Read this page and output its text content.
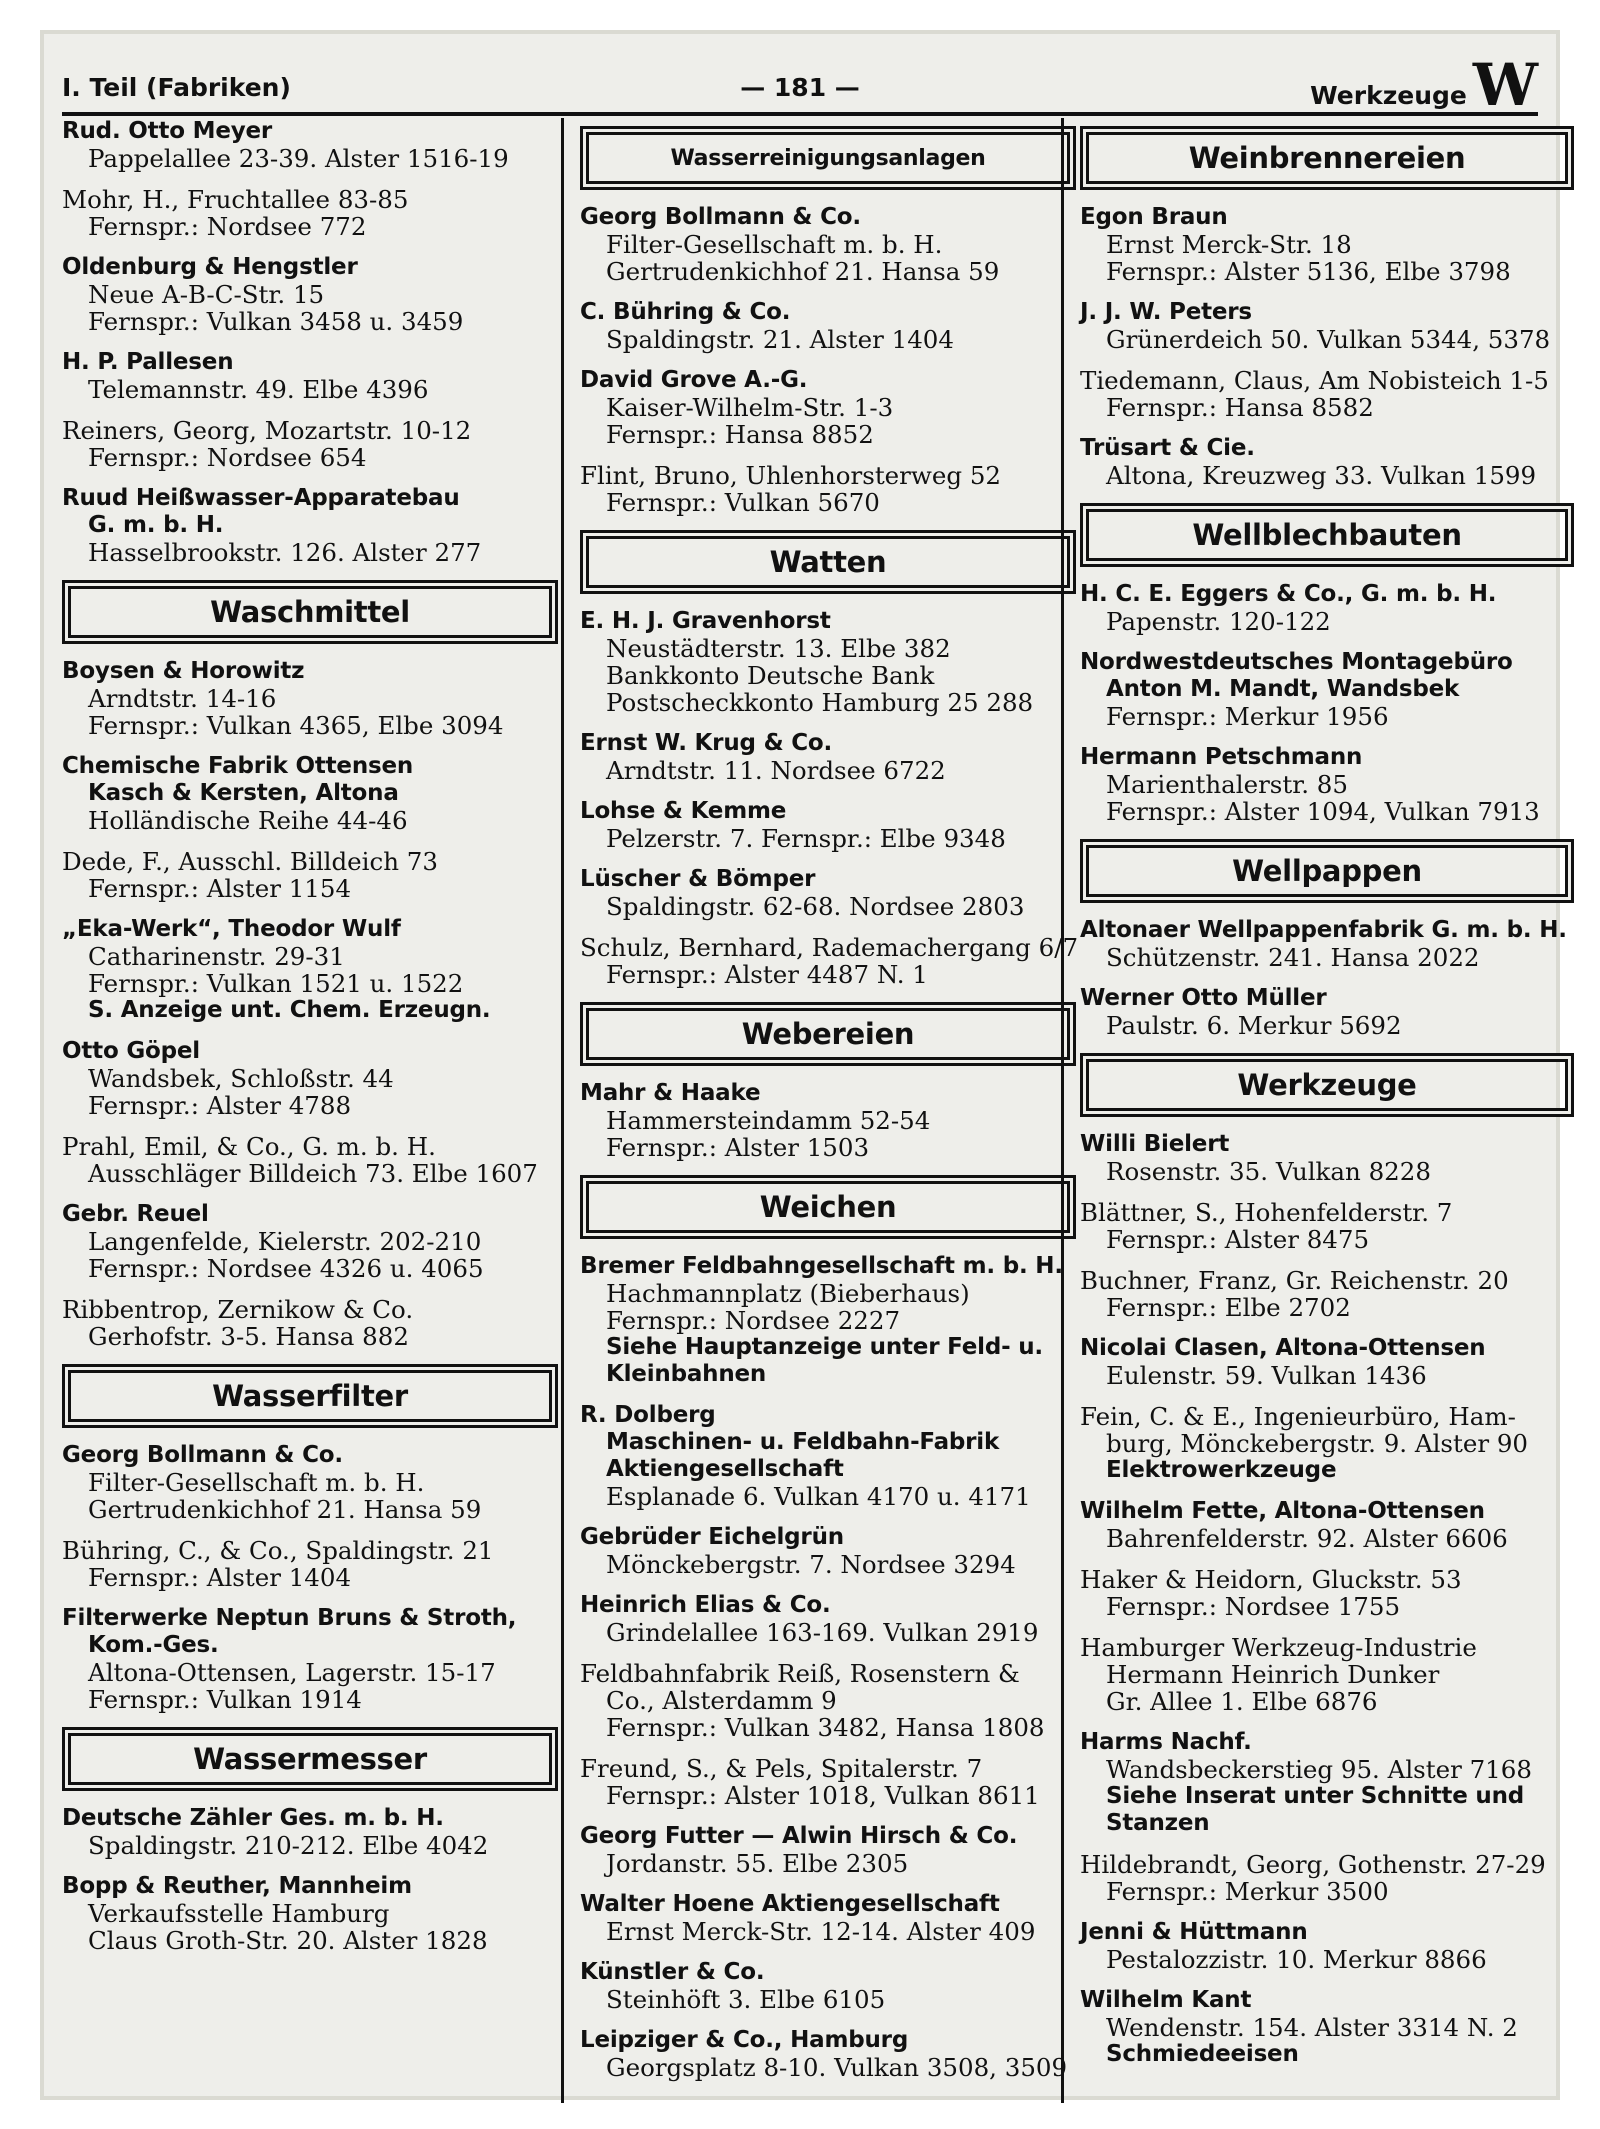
I. Teil (Fabriken)	— 181 —	Werkzeuge W
Rud. Otto Meyer
Pappelallee 23-39. Alster 1516-19
Mohr, H., Fruchtallee 83-85
Fernspr.: Nordsee 772
Oldenburg & Hengstler
Neue A-B-C-Str. 15
Fernspr.: Vulkan 3458 u. 3459
H. P. Pallesen
Telemannstr. 49. Elbe 4396
Reiners, Georg, Mozartstr. 10-12
Fernspr.: Nordsee 654
Ruud Heißwasser-Apparatebau
G. m. b. H.
Hasselbrookstr. 126. Alster 277
Waschmittel
Boysen & Horowitz
Arndtstr. 14-16
Fernspr.: Vulkan 4365, Elbe 3094
Chemische Fabrik Ottensen
Kasch & Kersten, Altona
Holländische Reihe 44-46
Dede, F., Ausschl. Billdeich 73
Fernspr.: Alster 1154
„Eka-Werk“, Theodor Wulf
Catharinenstr. 29-31
Fernspr.: Vulkan 1521 u. 1522
S. Anzeige unt. Chem. Erzeugn.
Otto Göpel
Wandsbek, Schloßstr. 44
Fernspr.: Alster 4788
Prahl, Emil, & Co., G. m. b. H.
Ausschläger Billdeich 73. Elbe 1607
Gebr. Reuel
Langenfelde, Kielerstr. 202-210
Fernspr.: Nordsee 4326 u. 4065
Ribbentrop, Zernikow & Co.
Gerhofstr. 3-5. Hansa 882
Wasserfilter
Georg Bollmann & Co.
Filter-Gesellschaft m. b. H.
Gertrudenkichhof 21. Hansa 59
Bühring, C., & Co., Spaldingstr. 21
Fernspr.: Alster 1404
Filterwerke Neptun Bruns & Stroth,
Kom.-Ges.
Altona-Ottensen, Lagerstr. 15-17
Fernspr.: Vulkan 1914
Wassermesser
Deutsche Zähler Ges. m. b. H.
Spaldingstr. 210-212. Elbe 4042
Bopp & Reuther, Mannheim
Verkaufsstelle Hamburg
Claus Groth-Str. 20. Alster 1828
Wasserreinigungsanlagen
Georg Bollmann & Co.
Filter-Gesellschaft m. b. H.
Gertrudenkichhof 21. Hansa 59
C. Bühring & Co.
Spaldingstr. 21. Alster 1404
David Grove A.-G.
Kaiser-Wilhelm-Str. 1-3
Fernspr.: Hansa 8852
Flint, Bruno, Uhlenhorsterweg 52
Fernspr.: Vulkan 5670
Watten
E. H. J. Gravenhorst
Neustädterstr. 13. Elbe 382
Bankkonto Deutsche Bank
Postscheckkonto Hamburg 25 288
Ernst W. Krug & Co.
Arndtstr. 11. Nordsee 6722
Lohse & Kemme
Pelzerstr. 7. Fernspr.: Elbe 9348
Lüscher & Bömper
Spaldingstr. 62-68. Nordsee 2803
Schulz, Bernhard, Rademachergang 6/7
Fernspr.: Alster 4487 N. 1
Webereien
Mahr & Haake
Hammersteindamm 52-54
Fernspr.: Alster 1503
Weichen
Bremer Feldbahngesellschaft m. b. H.
Hachmannplatz (Bieberhaus)
Fernspr.: Nordsee 2227
Siehe Hauptanzeige unter Feld- u.
Kleinbahnen
R. Dolberg
Maschinen- u. Feldbahn-Fabrik
Aktiengesellschaft
Esplanade 6. Vulkan 4170 u. 4171
Gebrüder Eichelgrün
Mönckebergstr. 7. Nordsee 3294
Heinrich Elias & Co.
Grindelallee 163-169. Vulkan 2919
Feldbahnfabrik Reiß, Rosenstern &
Co., Alsterdamm 9
Fernspr.: Vulkan 3482, Hansa 1808
Freund, S., & Pels, Spitalerstr. 7
Fernspr.: Alster 1018, Vulkan 8611
Georg Futter — Alwin Hirsch & Co.
Jordanstr. 55. Elbe 2305
Walter Hoene Aktiengesellschaft
Ernst Merck-Str. 12-14. Alster 409
Künstler & Co.
Steinhöft 3. Elbe 6105
Leipziger & Co., Hamburg
Georgsplatz 8-10. Vulkan 3508, 3509
Weinbrennereien
Egon Braun
Ernst Merck-Str. 18
Fernspr.: Alster 5136, Elbe 3798
J. J. W. Peters
Grünerdeich 50. Vulkan 5344, 5378
Tiedemann, Claus, Am Nobisteich 1-5
Fernspr.: Hansa 8582
Trüsart & Cie.
Altona, Kreuzweg 33. Vulkan 1599
Wellblechbauten
H. C. E. Eggers & Co., G. m. b. H.
Papenstr. 120-122
Nordwestdeutsches Montagebüro
Anton M. Mandt, Wandsbek
Fernspr.: Merkur 1956
Hermann Petschmann
Marienthalerstr. 85
Fernspr.: Alster 1094, Vulkan 7913
Wellpappen
Altonaer Wellpappenfabrik G. m. b. H.
Schützenstr. 241. Hansa 2022
Werner Otto Müller
Paulstr. 6. Merkur 5692
Werkzeuge
Willi Bielert
Rosenstr. 35. Vulkan 8228
Blättner, S., Hohenfelderstr. 7
Fernspr.: Alster 8475
Buchner, Franz, Gr. Reichenstr. 20
Fernspr.: Elbe 2702
Nicolai Clasen, Altona-Ottensen
Eulenstr. 59. Vulkan 1436
Fein, C. & E., Ingenieurbüro, Ham-
burg, Mönckebergstr. 9. Alster 90
Elektrowerkzeuge
Wilhelm Fette, Altona-Ottensen
Bahrenfelderstr. 92. Alster 6606
Haker & Heidorn, Gluckstr. 53
Fernspr.: Nordsee 1755
Hamburger Werkzeug-Industrie
Hermann Heinrich Dunker
Gr. Allee 1. Elbe 6876
Harms Nachf.
Wandsbeckerstieg 95. Alster 7168
Siehe Inserat unter Schnitte und
Stanzen
Hildebrandt, Georg, Gothenstr. 27-29
Fernspr.: Merkur 3500
Jenni & Hüttmann
Pestalozzistr. 10. Merkur 8866
Wilhelm Kant
Wendenstr. 154. Alster 3314 N. 2
Schmiedeeisen
